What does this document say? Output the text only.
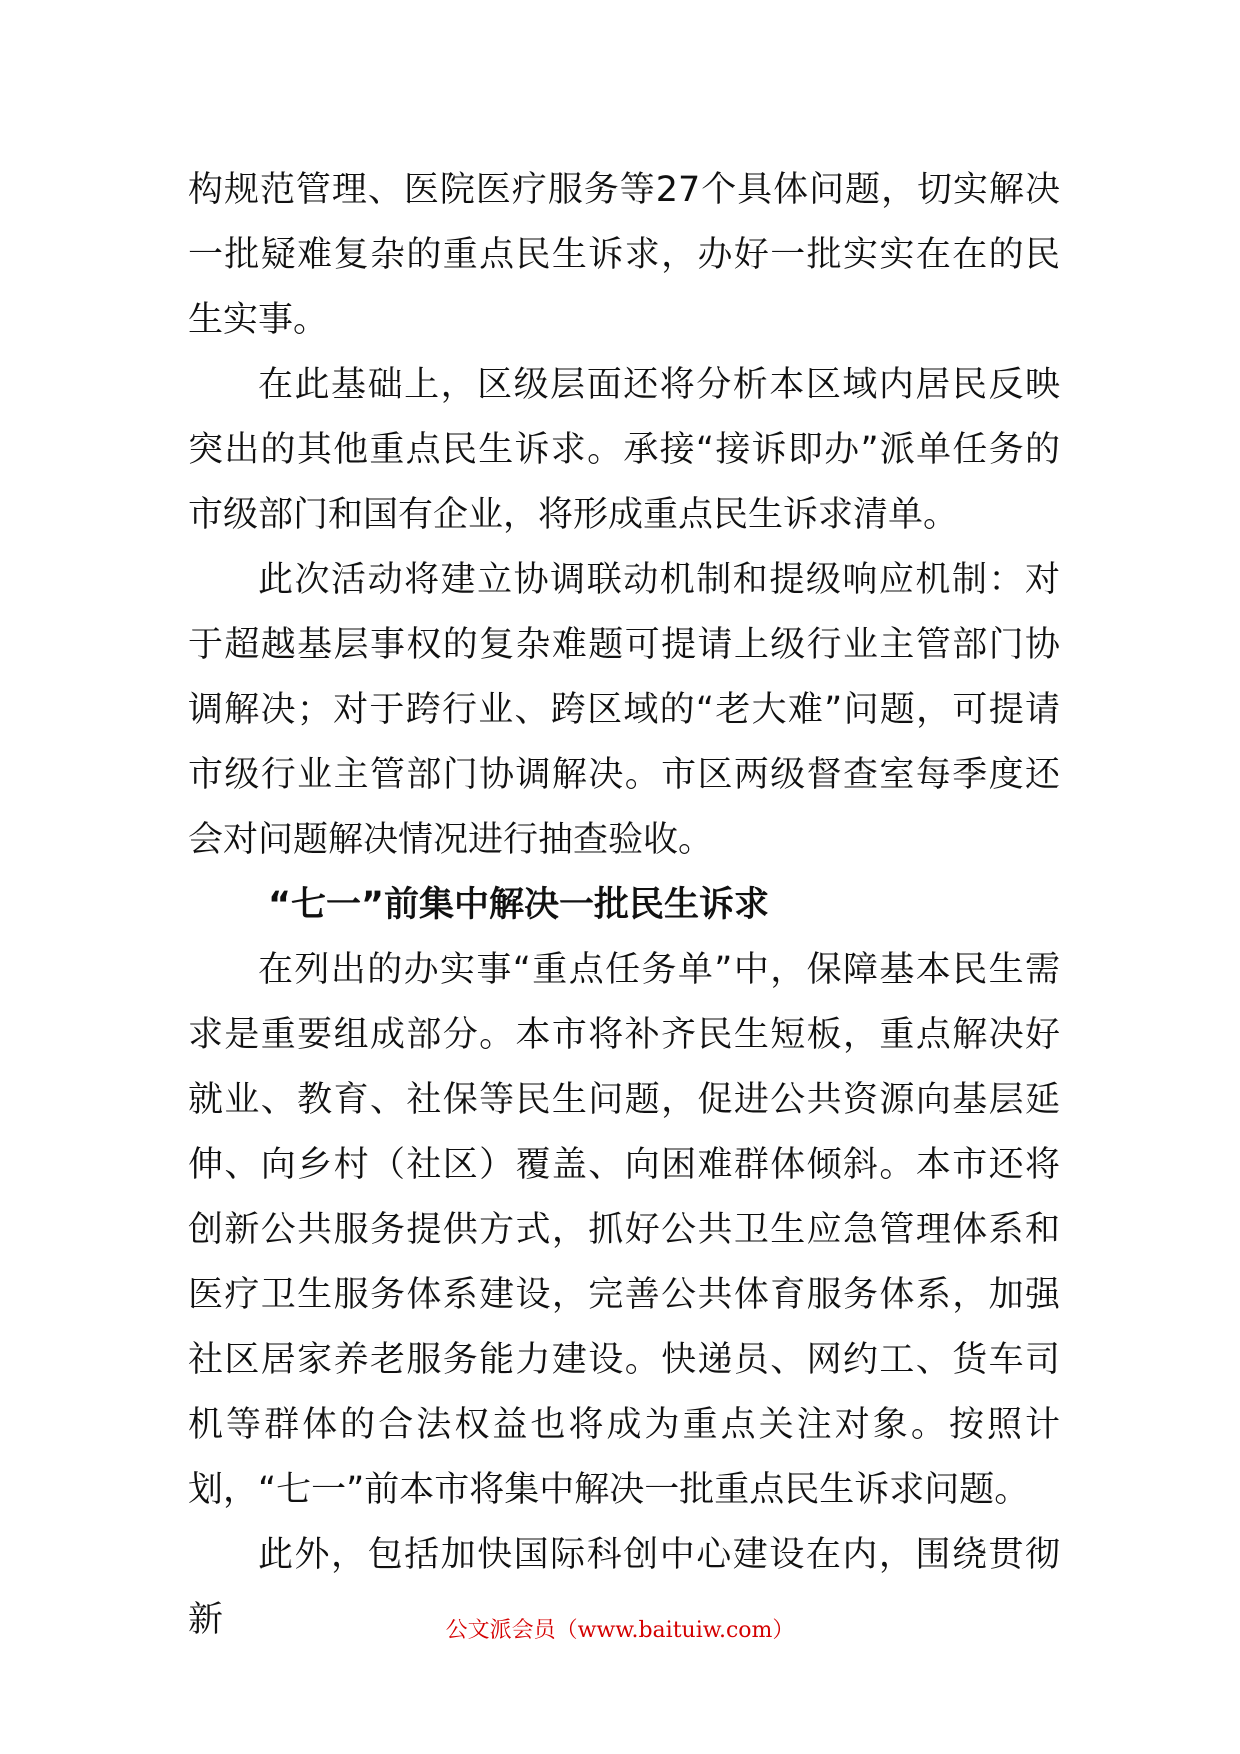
构规范管理、医院医疗服务等27个具体问题，切实解决一批疑难复杂的重点民生诉求，办好一批实实在在的民生实事。

在此基础上，区级层面还将分析本区域内居民反映突出的其他重点民生诉求。承接“接诉即办”派单任务的市级部门和国有企业，将形成重点民生诉求清单。

此次活动将建立协调联动机制和提级响应机制：对于超越基层事权的复杂难题可提请上级行业主管部门协调解决；对于跨行业、跨区域的“老大难”问题，可提请市级行业主管部门协调解决。市区两级督查室每季度还会对问题解决情况进行抽查验收。

“七一”前集中解决一批民生诉求

在列出的办实事“重点任务单”中，保障基本民生需求是重要组成部分。本市将补齐民生短板，重点解决好就业、教育、社保等民生问题，促进公共资源向基层延伸、向乡村（社区）覆盖、向困难群体倾斜。本市还将创新公共服务提供方式，抓好公共卫生应急管理体系和医疗卫生服务体系建设，完善公共体育服务体系，加强社区居家养老服务能力建设。快递员、网约工、货车司机等群体的合法权益也将成为重点关注对象。按照计划，“七一”前本市将集中解决一批重点民生诉求问题。

此外，包括加快国际科创中心建设在内，围绕贯彻新	公文派会员（www.baituiw.com）
